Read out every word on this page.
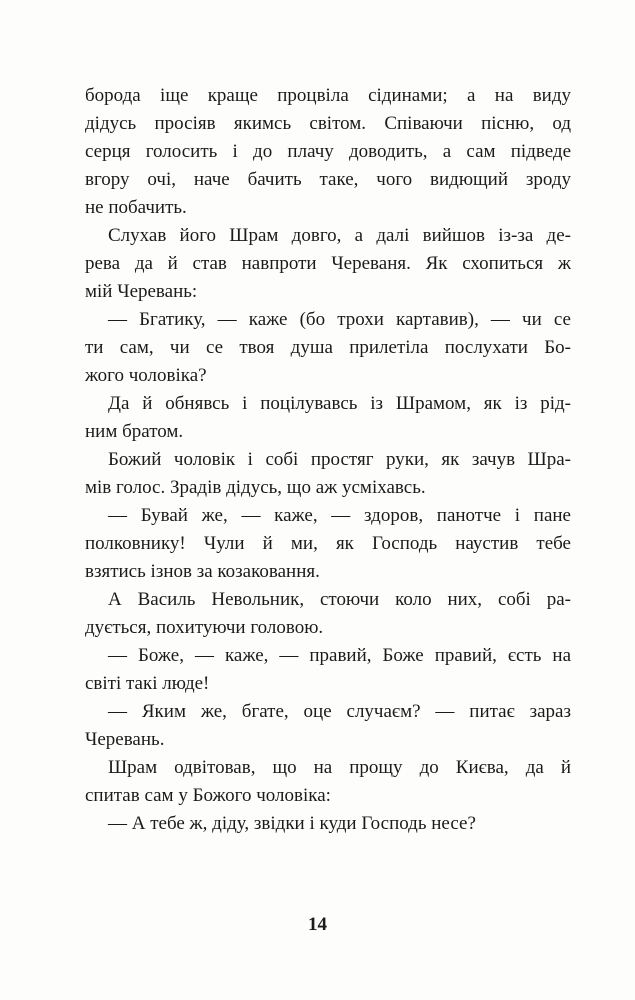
борода іще краще процвіла сідинами; а на виду
дідусь просіяв якимсь світом. Співаючи пісню, од
серця голосить і до плачу доводить, а сам підведе
вгору очі, наче бачить таке, чого видющий зроду
не побачить.

Слухав його Шрам довго, а далі вийшов із-за де-
рева да й став навпроти Череваня. Як схопиться ж
мій Черевань:

— Бгатику, — каже (бо трохи картавив), — чи се
ти сам, чи се твоя душа прилетіла послухати Бо-
жого чоловіка?

Да й обнявсь і поцілувавсь із Шрамом, як із рід-
ним братом.

Божий чоловік і собі простяг руки, як зачув Шра-
мів голос. Зрадів дідусь, що аж усміхавсь.

— Бувай же, — каже, — здоров, панотче і пане
полковнику! Чули й ми, як Господь наустив тебе
взятись ізнов за козаковання.

А Василь Невольник, стоючи коло них, собі ра-
дується, похитуючи головою.

— Боже, — каже, — правий, Боже правий, єсть на
світі такі люде!

— Яким же, бгате, оце случаєм? — питає зараз
Черевань.

Шрам одвітовав, що на прощу до Києва, да й
спитав сам у Божого чоловіка:

— А тебе ж, діду, звідки і куди Господь несе?

14
